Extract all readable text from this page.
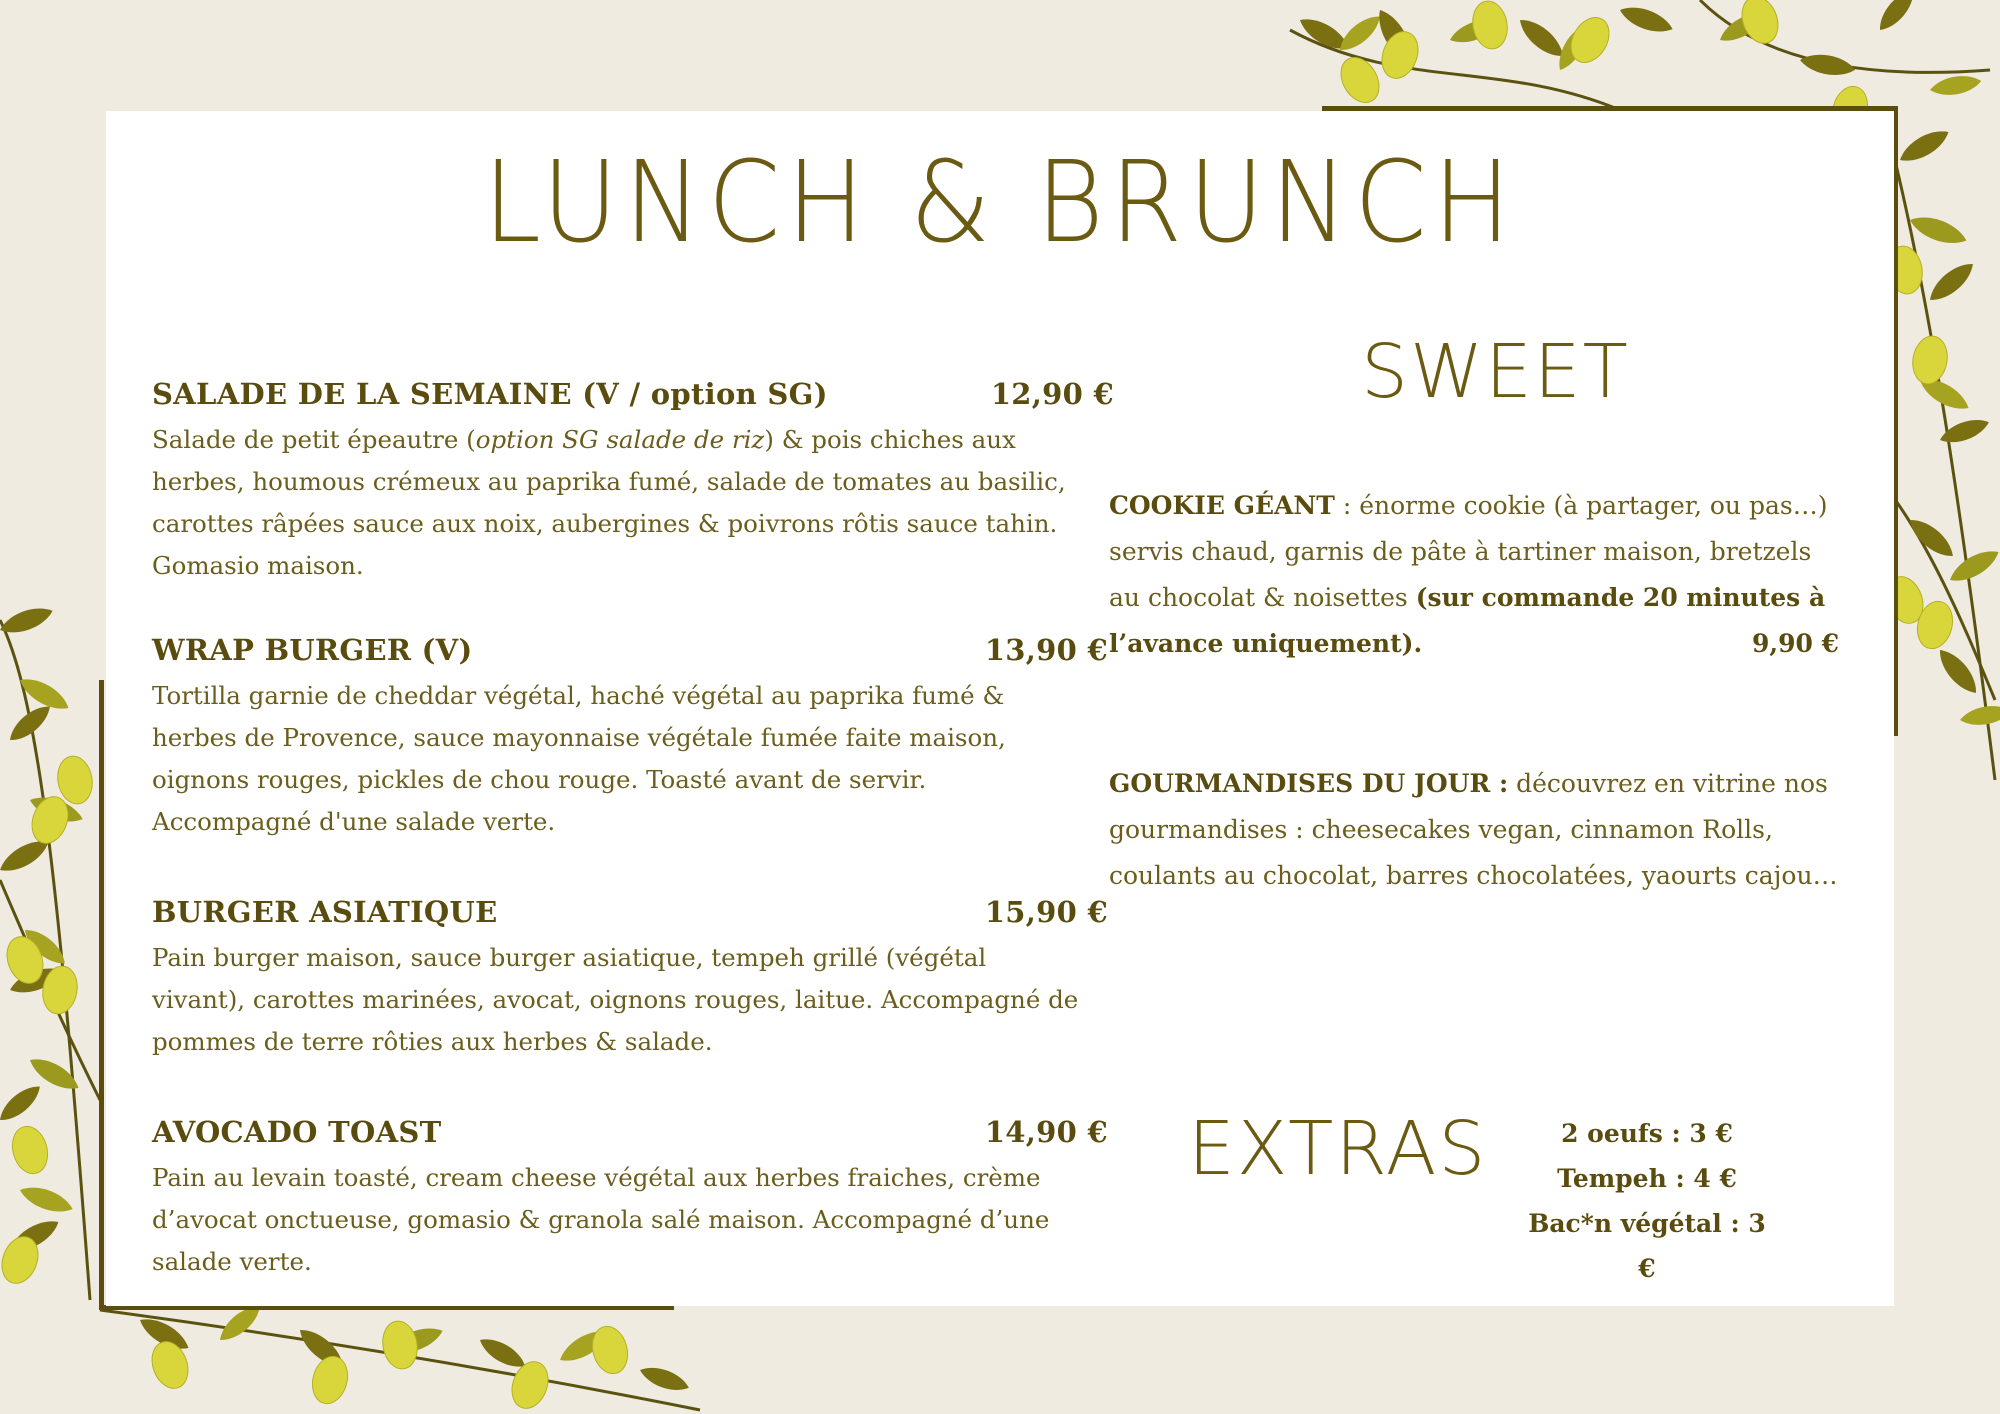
LUNCH & BRUNCH
SALADE DE LA SEMAINE (V / option SG)	12,90 €
Salade de petit épeautre (option SG salade de riz) & pois chiches aux herbes, houmous crémeux au paprika fumé, salade de tomates au basilic, carottes râpées sauce aux noix, aubergines & poivrons rôtis sauce tahin. Gomasio maison.
WRAP BURGER (V)	13,90 €
Tortilla garnie de cheddar végétal, haché végétal au paprika fumé & herbes de Provence, sauce mayonnaise végétale fumée faite maison, oignons rouges, pickles de chou rouge. Toasté avant de servir. Accompagné d'une salade verte.
BURGER ASIATIQUE	15,90 €
Pain burger maison, sauce burger asiatique, tempeh grillé (végétal vivant), carottes marinées, avocat, oignons rouges, laitue. Accompagné de pommes de terre rôties aux herbes & salade.
AVOCADO TOAST	14,90 €
Pain au levain toasté, cream cheese végétal aux herbes fraiches, crème d’avocat onctueuse, gomasio & granola salé maison. Accompagné d’une salade verte.
SWEET
COOKIE GÉANT : énorme cookie (à partager, ou pas…) servis chaud, garnis de pâte à tartiner maison, bretzels au chocolat & noisettes (sur commande 20 minutes à l’avance uniquement).	9,90 €
GOURMANDISES DU JOUR : découvrez en vitrine nos gourmandises : cheesecakes vegan, cinnamon Rolls, coulants au chocolat, barres chocolatées, yaourts cajou…
EXTRAS	2 oeufs : 3 €
Tempeh : 4 €
Bac*n végétal : 3 €
